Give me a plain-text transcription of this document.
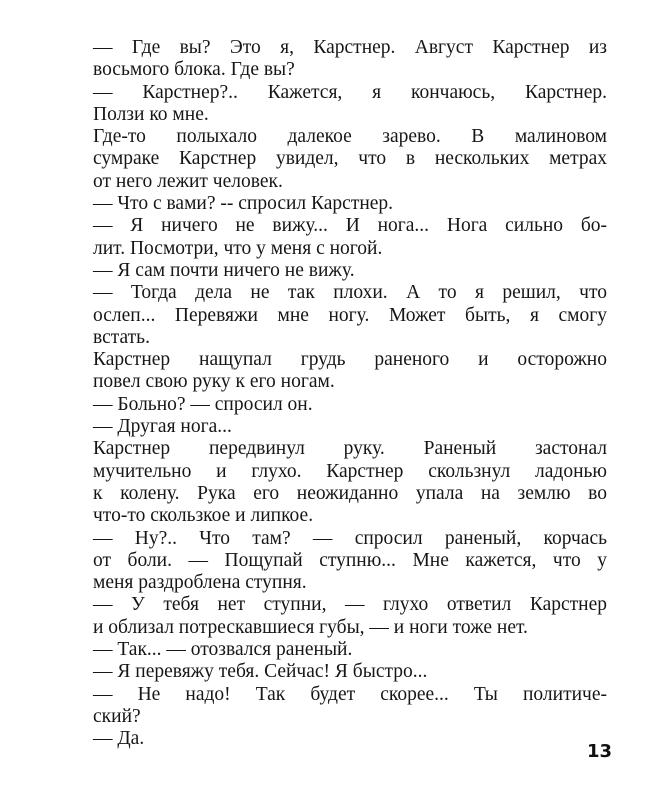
— Где вы? Это я, Карстнер. Август Карстнер из
восьмого блока. Где вы?
— Карстнер?.. Кажется, я кончаюсь, Карстнер.
Ползи ко мне.
Где-то полыхало далекое зарево. В малиновом
сумраке Карстнер увидел, что в нескольких метрах
от него лежит человек.
— Что с вами? -- спросил Карстнер.
— Я ничего не вижу... И нога... Нога сильно бо-
лит. Посмотри, что у меня с ногой.
— Я сам почти ничего не вижу.
— Тогда дела не так плохи. А то я решил, что
ослеп... Перевяжи мне ногу. Может быть, я смогу
встать.
Карстнер нащупал грудь раненого и осторожно
повел свою руку к его ногам.
— Больно? — спросил он.
— Другая нога...
Карстнер передвинул руку. Раненый застонал
мучительно и глухо. Карстнер скользнул ладонью
к колену. Рука его неожиданно упала на землю во
что-то скользкое и липкое.
— Ну?.. Что там? — спросил раненый, корчась
от боли. — Пощупай ступню... Мне кажется, что у
меня раздроблена ступня.
— У тебя нет ступни, — глухо ответил Карстнер
и облизал потрескавшиеся губы, — и ноги тоже нет.
— Так... — отозвался раненый.
— Я перевяжу тебя. Сейчас! Я быстро...
— Не надо! Так будет скорее... Ты политиче-
ский?
— Да.
13
